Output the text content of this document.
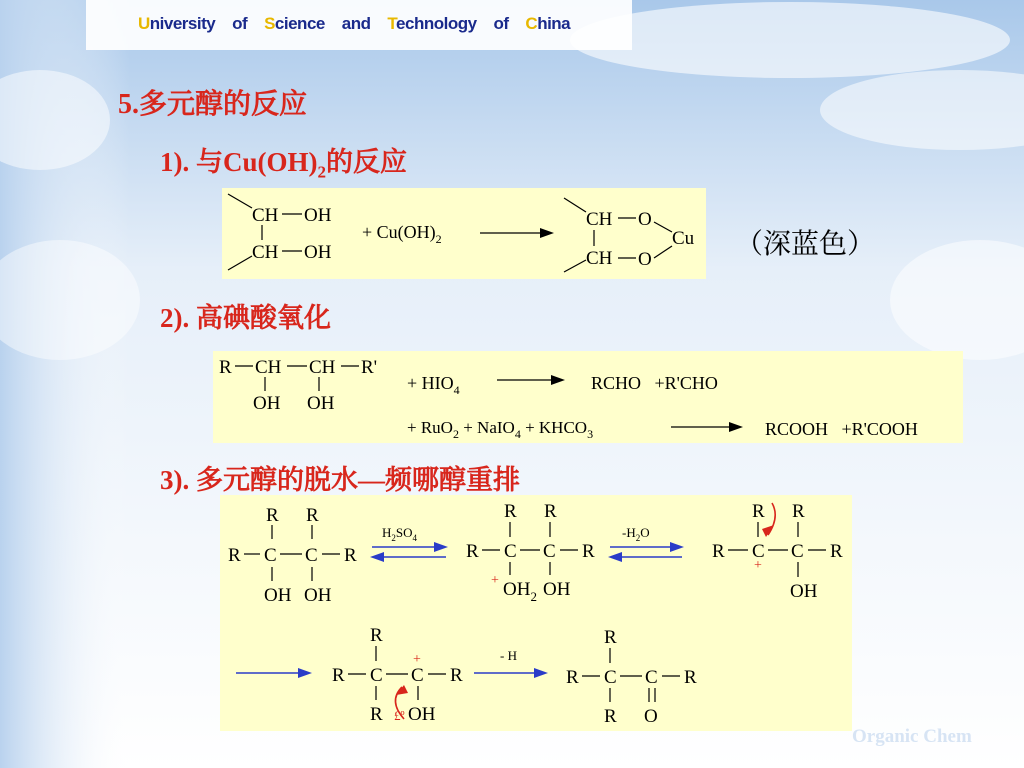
University of Science and Technology of China
5.多元醇的反应
1). 与$Cu(OH)_2$的反应
CH OH
CH OH
+ $Cu(OH)_2$
CH O
CH O
Cu （深蓝色）
2). 高碘酸氧化
R CH CH R'
OH OH
+ $HIO_4$	RCHO   +R'CHO
+ RuO$_2$ + NaIO$_4$ + $KHCO_3$	RCOOH   +R'COOH
3). 多元醇的脱水—频哪醇重排
R R
R C C R
OH OH
$H_2SO_4$
R R
R C C R
+ $OH_2$ OH
$-H_2O$
R R
R C C R
+
OH
R
R C C R
+
R £º OH
- H
R
R C C R
R O
Organic Chem
